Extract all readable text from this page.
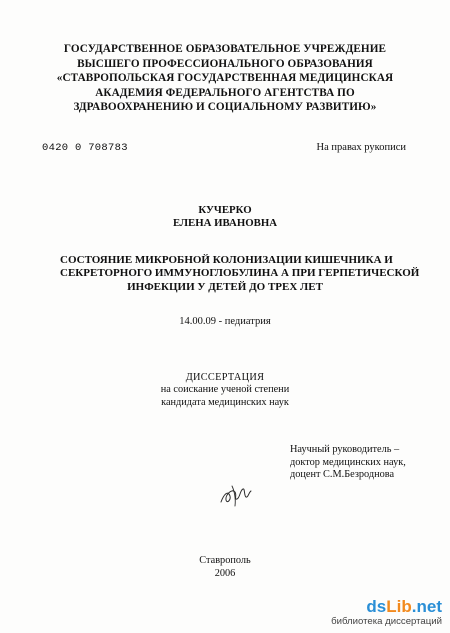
ГОСУДАРСТВЕННОЕ ОБРАЗОВАТЕЛЬНОЕ УЧРЕЖДЕНИЕ
ВЫСШЕГО ПРОФЕССИОНАЛЬНОГО ОБРАЗОВАНИЯ
«СТАВРОПОЛЬСКАЯ ГОСУДАРСТВЕННАЯ МЕДИЦИНСКАЯ
АКАДЕМИЯ ФЕДЕРАЛЬНОГО АГЕНТСТВА ПО
ЗДРАВООХРАНЕНИЮ И СОЦИАЛЬНОМУ РАЗВИТИЮ»
0420 0 708783	На правах рукописи
КУЧЕРКО
ЕЛЕНА ИВАНОВНА
СОСТОЯНИЕ МИКРОБНОЙ КОЛОНИЗАЦИИ КИШЕЧНИКА И
СЕКРЕТОРНОГО ИММУНОГЛОБУЛИНА А ПРИ ГЕРПЕТИЧЕСКОЙ
ИНФЕКЦИИ У ДЕТЕЙ ДО ТРЕХ ЛЕТ
14.00.09 - педиатрия
ДИССЕРТАЦИЯ
на соискание ученой степени
кандидата медицинских наук
Научный руководитель –
доктор медицинских наук,
доцент С.М.Безроднова
Ставрополь
2006
dsLib.net
библиотека диссертаций
